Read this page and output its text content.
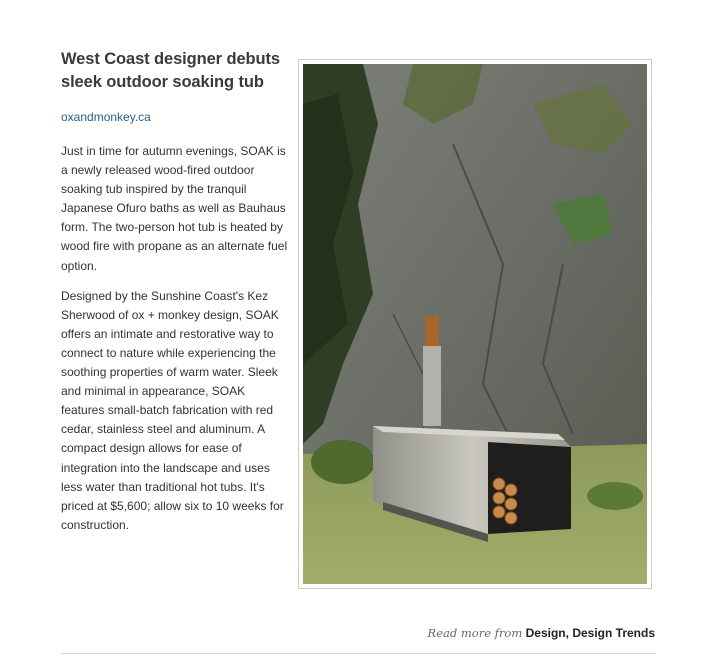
West Coast designer debuts sleek outdoor soaking tub
oxandmonkey.ca

Just in time for autumn evenings, SOAK is a newly released wood-fired outdoor soaking tub inspired by the tranquil Japanese Ofuro baths as well as Bauhaus form. The two-person hot tub is heated by wood fire with propane as an alternate fuel option.

Designed by the Sunshine Coast's Kez Sherwood of ox + monkey design, SOAK offers an intimate and restorative way to connect to nature while experiencing the soothing properties of warm water. Sleek and minimal in appearance, SOAK features small-batch fabrication with red cedar, stainless steel and aluminum. A compact design allows for ease of integration into the landscape and uses less water than traditional hot tubs. It's priced at $5,600; allow six to 10 weeks for construction.

Read more from Design, Design Trends
